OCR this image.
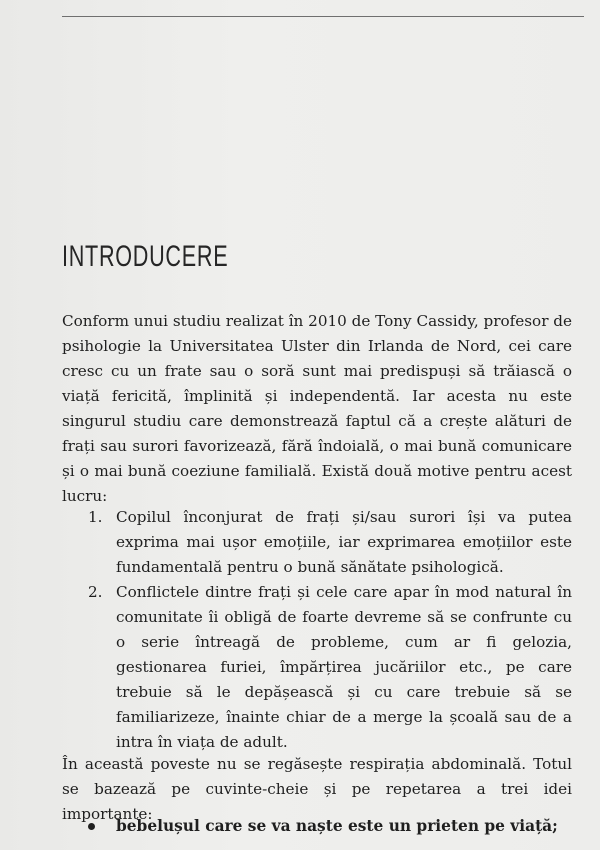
INTRODUCERE

Conform unui studiu realizat în 2010 de Tony Cassidy, profesor de psihologie la Universitatea Ulster din Irlanda de Nord, cei care cresc cu un frate sau o soră sunt mai predispuși să trăiască o viață fericită, împlinită și independentă. Iar acesta nu este singurul studiu care demonstrează faptul că a crește alături de frați sau surori favorizează, fără îndoială, o mai bună comunicare și o mai bună coeziune familială. Există două motive pentru acest lucru:

1. Copilul înconjurat de frați și/sau surori își va putea exprima mai ușor emoțiile, iar exprimarea emoțiilor este fundamentală pentru o bună sănătate psihologică.
2. Conflictele dintre frați și cele care apar în mod natural în comunitate îi obligă de foarte devreme să se confrunte cu o serie întreagă de probleme, cum ar fi gelozia, gestionarea furiei, împărțirea jucăriilor etc., pe care trebuie să le depășească și cu care trebuie să se familiarizeze, înainte chiar de a merge la școală sau de a intra în viața de adult.

În această poveste nu se regăsește respirația abdominală. Totul se bazează pe cuvinte-cheie și pe repetarea a trei idei importante:

bebelușul care se va naște este un prieten pe viață;
